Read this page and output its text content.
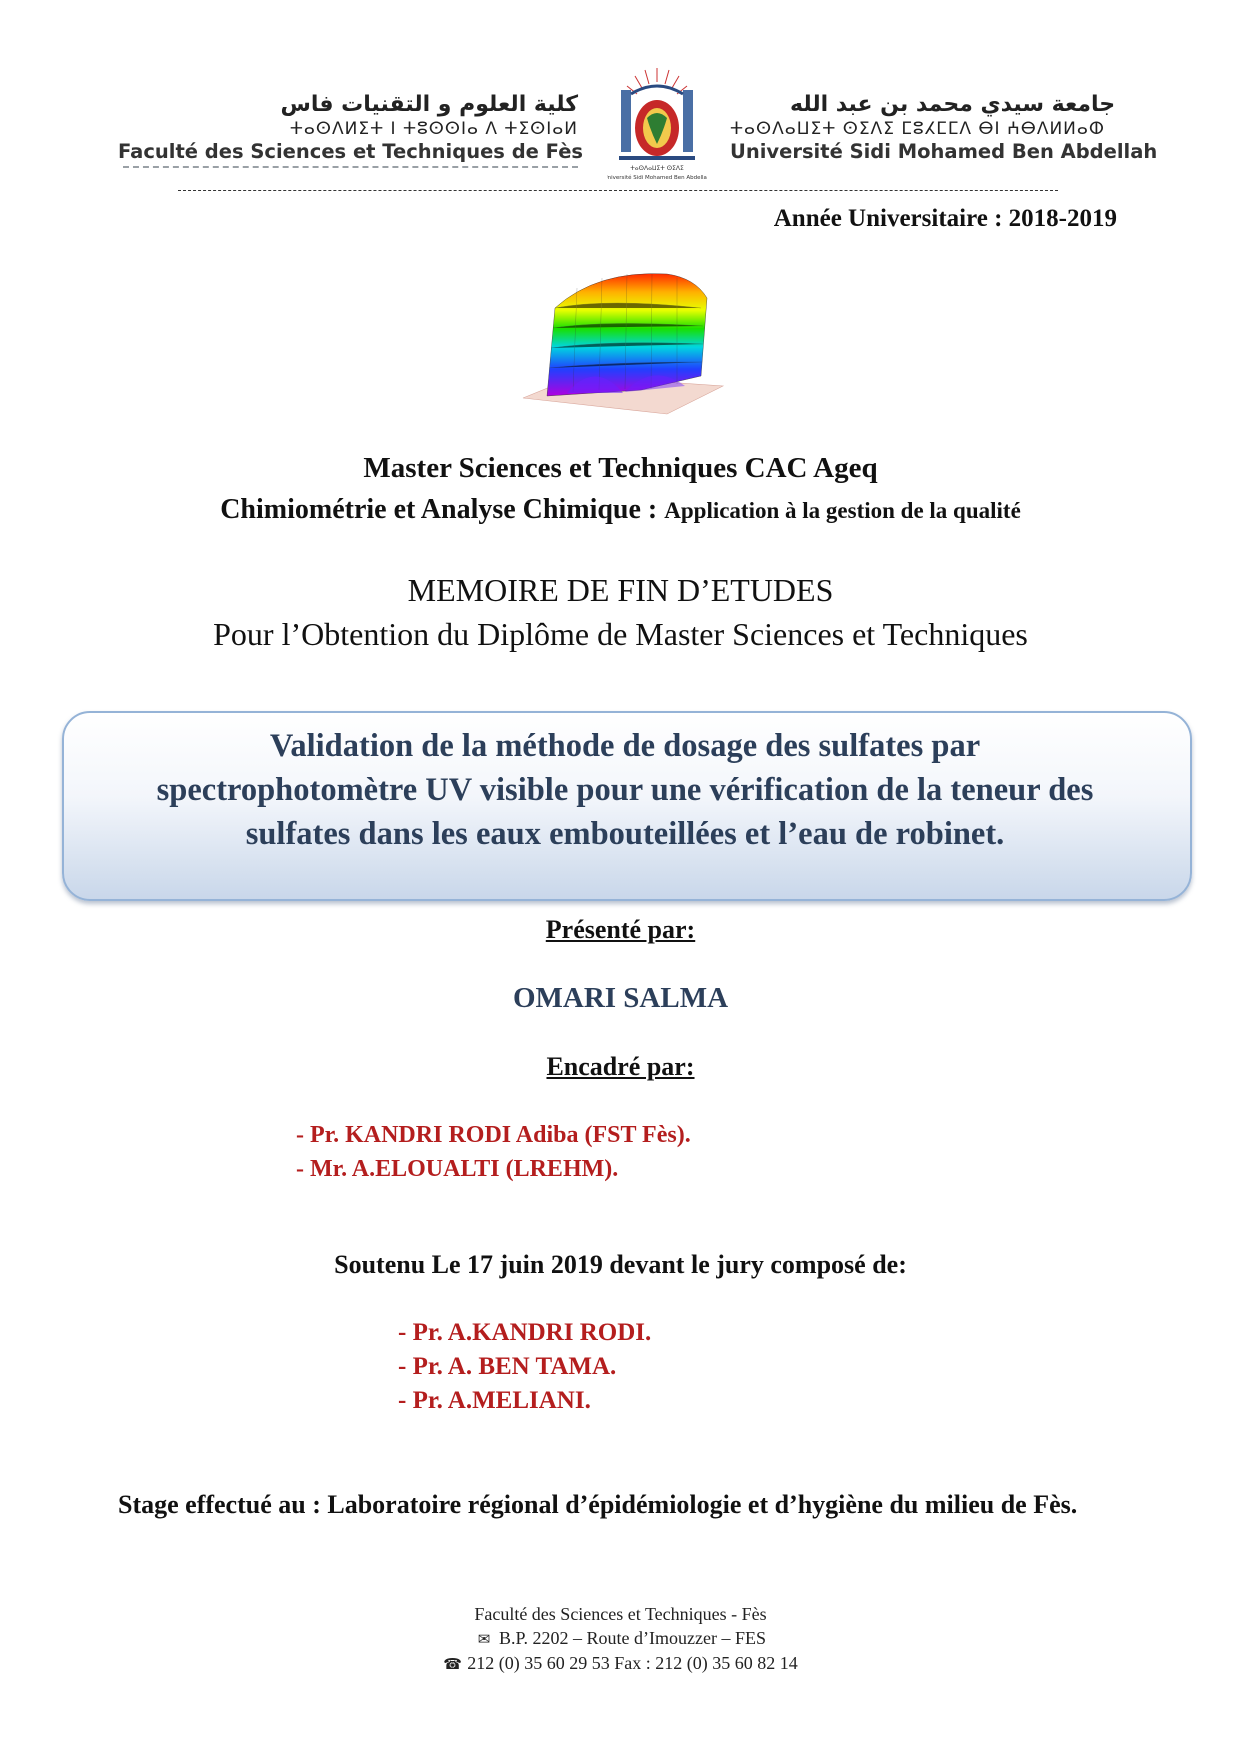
كلية العلوم و التقنيات فاس
ⵜⴰⵙⴷⵍⵉⵜ ⵏ ⵜⵓⵙⵙⵏⴰ ⴷ ⵜⵉⵙⵏⴰⵍ
Faculté des Sciences et Techniques de Fès
ⵜⴰⵙⴷⴰⵡⵉⵜ ⵙⵉⴷⵉ
Université Sidi Mohamed Ben Abdellah
جامعة سيدي محمد بن عبد الله
ⵜⴰⵙⴷⴰⵡⵉⵜ ⵙⵉⴷⵉ ⵎⵓⵃⵎⵎⴷ ⴱⵏ ⵄⴱⴷⵍⵍⴰⵀ
Université Sidi Mohamed Ben Abdellah
Année Universitaire : 2018-2019
Master Sciences et Techniques CAC Ageq
Chimiométrie et Analyse Chimique : Application à la gestion de la qualité
MEMOIRE DE FIN D’ETUDES
Pour l’Obtention du Diplôme de Master Sciences et Techniques
Validation de la méthode de dosage des sulfates par
spectrophotomètre UV visible pour une vérification de la teneur des
sulfates dans les eaux embouteillées et l’eau de robinet.
Présenté par:
OMARI SALMA
Encadré par:
- Pr. KANDRI RODI Adiba (FST Fès).
- Mr. A.ELOUALTI (LREHM).
Soutenu Le 17 juin 2019 devant le jury composé de:
- Pr. A.KANDRI RODI.
- Pr. A. BEN TAMA.
- Pr. A.MELIANI.
Stage effectué au : Laboratoire régional d’épidémiologie et d’hygiène du milieu de Fès.
Faculté des Sciences et Techniques - Fès
✉ B.P. 2202 – Route d’Imouzzer – FES
☎ 212 (0) 35 60 29 53 Fax : 212 (0) 35 60 82 14
